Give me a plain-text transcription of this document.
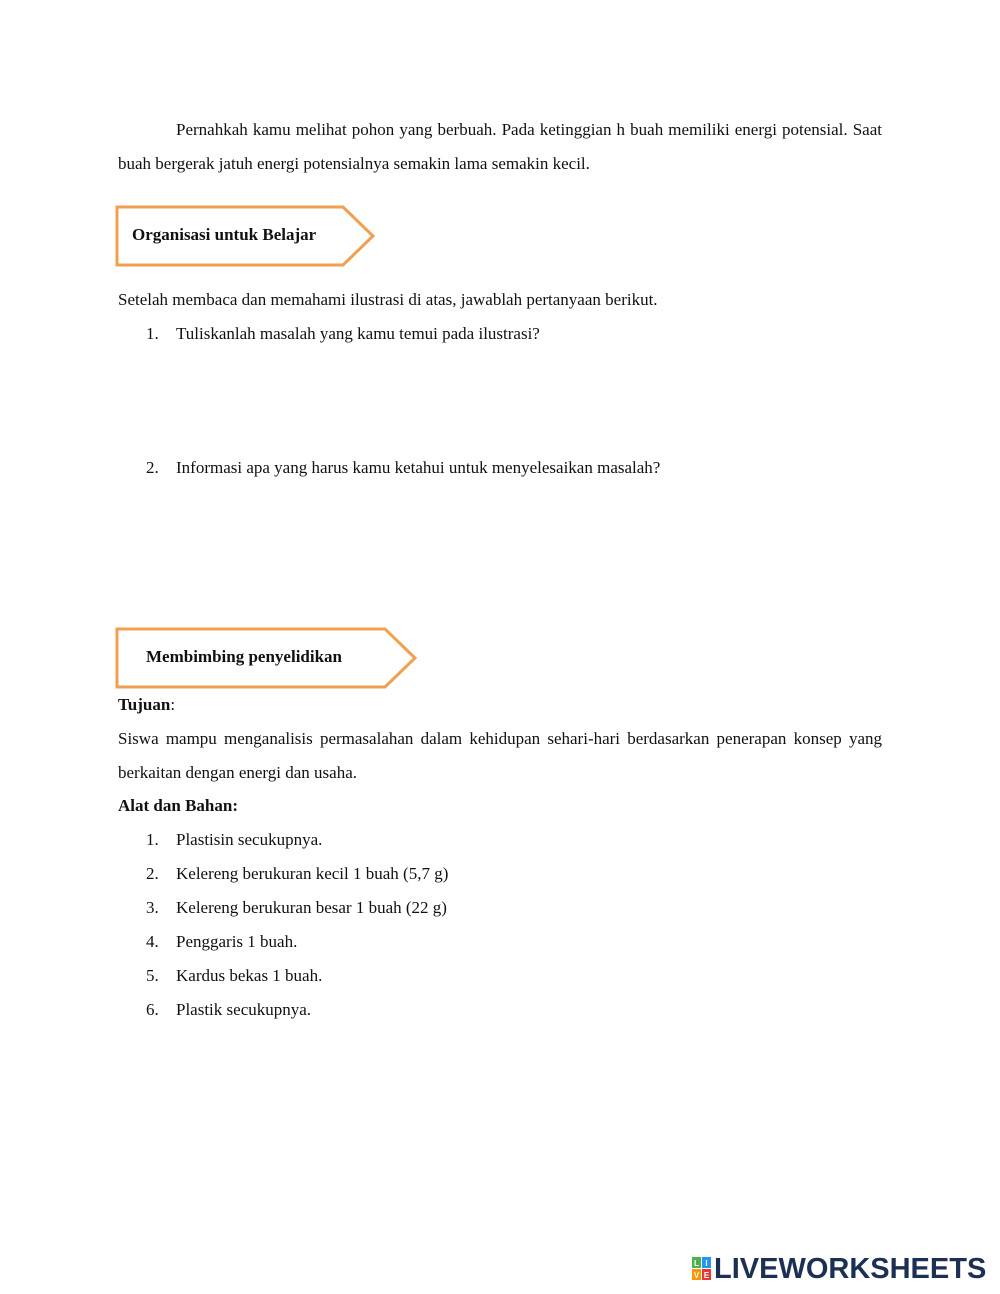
Pernahkah kamu melihat pohon yang berbuah. Pada ketinggian h buah memiliki energi potensial. Saat buah bergerak jatuh energi potensialnya semakin lama semakin kecil.

Organisasi untuk Belajar

Setelah membaca dan memahami ilustrasi di atas, jawablah pertanyaan berikut.

1. Tuliskanlah masalah yang kamu temui pada ilustrasi?
2. Informasi apa yang harus kamu ketahui untuk menyelesaikan masalah?
Membimbing penyelidikan

Tujuan:

Siswa mampu menganalisis permasalahan dalam kehidupan sehari-hari berdasarkan penerapan konsep yang berkaitan dengan energi dan usaha.

Alat dan Bahan:

1. Plastisin secukupnya.
2. Kelereng berukuran kecil 1 buah (5,7 g)
3. Kelereng berukuran besar 1 buah (22 g)
4. Penggaris 1 buah.
5. Kardus bekas 1 buah.
6. Plastik secukupnya.
L I
V E LIVEWORKSHEETS
